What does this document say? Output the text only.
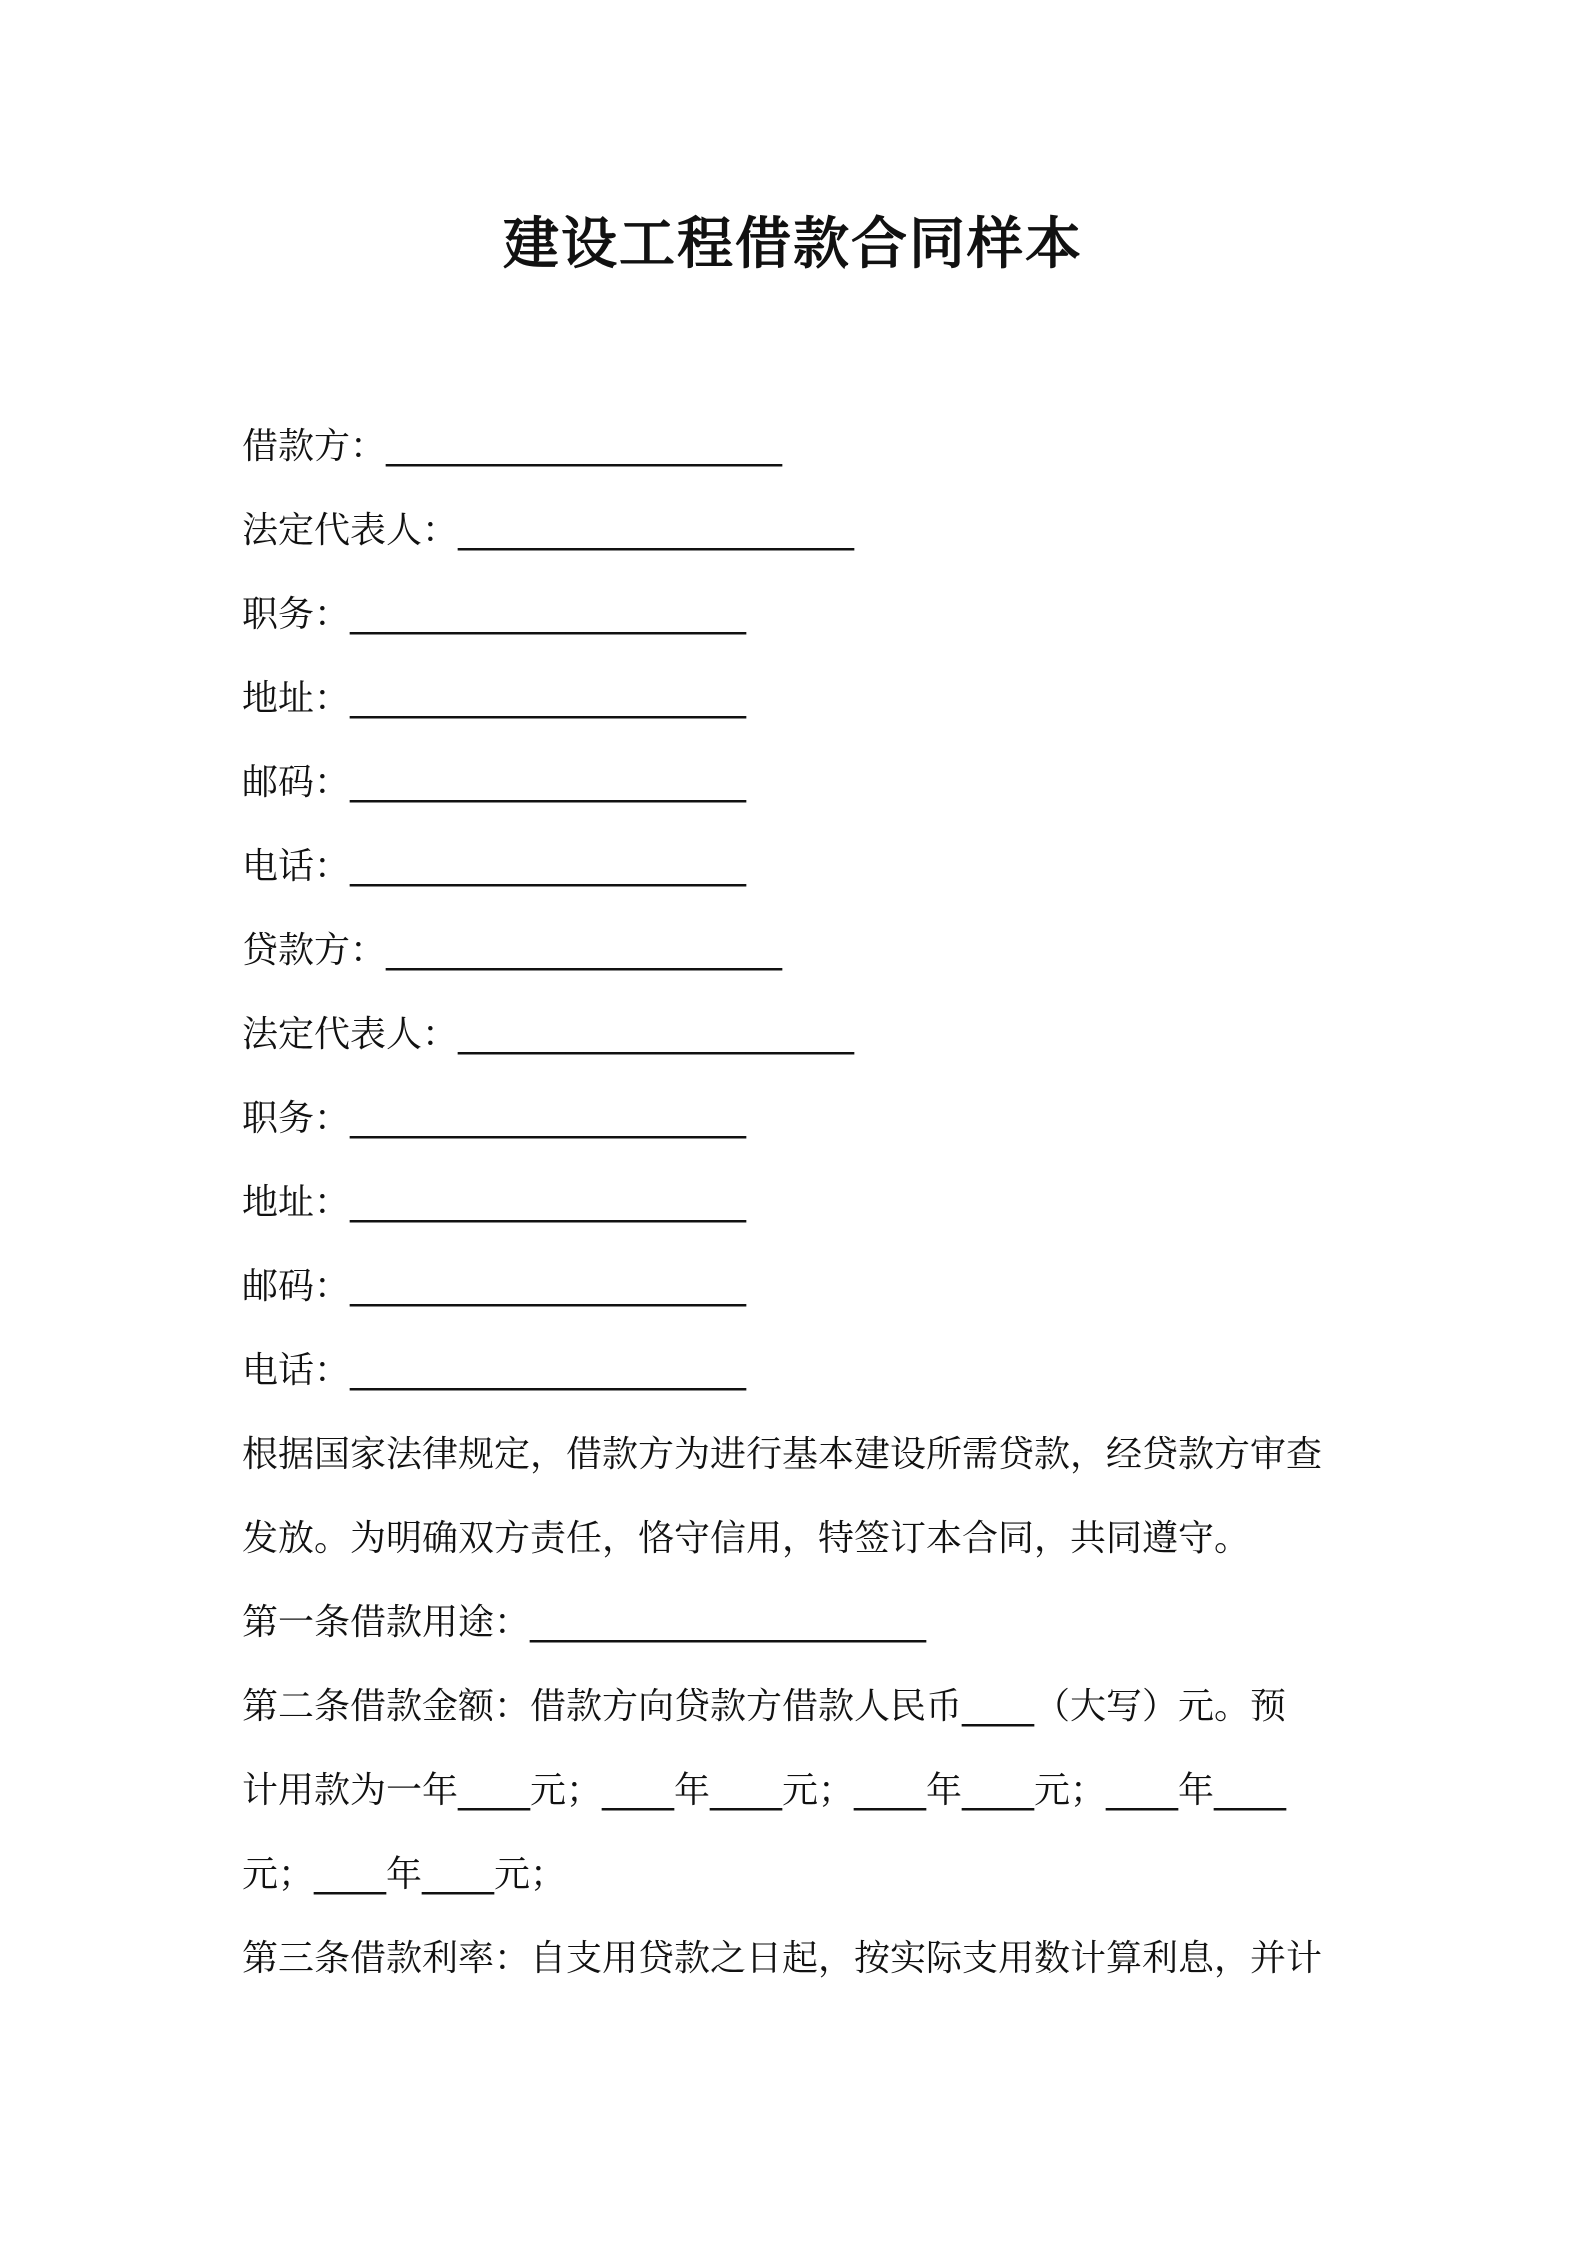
建设工程借款合同样本
借款方：______________________
法定代表人：______________________
职务：______________________
地址：______________________
邮码：______________________
电话：______________________
贷款方：______________________
法定代表人：______________________
职务：______________________
地址：______________________
邮码：______________________
电话：______________________
根据国家法律规定，借款方为进行基本建设所需贷款，经贷款方审查
发放。为明确双方责任，恪守信用，特签订本合同，共同遵守。
第一条借款用途：______________________
第二条借款金额：借款方向贷款方借款人民币____（大写）元。预
计用款为一年____元；____年____元；____年____元；____年____
元；____年____元；
第三条借款利率：自支用贷款之日起，按实际支用数计算利息，并计
